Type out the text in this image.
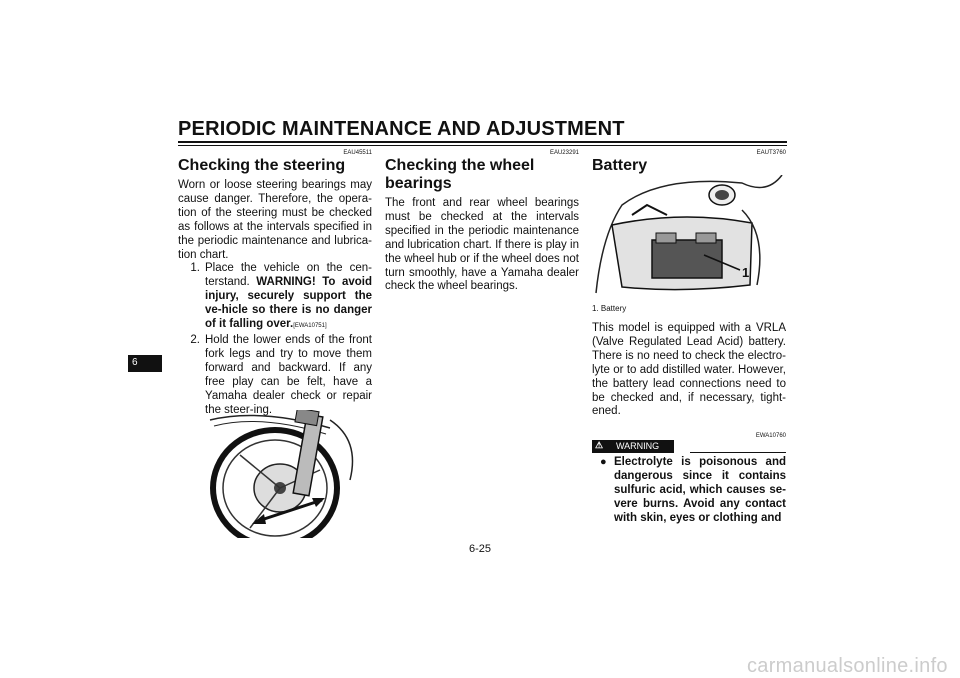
PERIODIC MAINTENANCE AND ADJUSTMENT
6
EAU45511
Checking the steering
Worn or loose steering bearings may cause danger. Therefore, the opera-tion of the steering must be checked as follows at the intervals specified in the periodic maintenance and lubrica-tion chart.
1. Place the vehicle on the cen-terstand. WARNING! To avoid injury, securely support the ve-hicle so there is no danger of it falling over.[EWA10751]
2. Hold the lower ends of the front fork legs and try to move them forward and backward. If any free play can be felt, have a Yamaha dealer check or repair the steer-ing.
EAU23291
Checking the wheel bearings
The front and rear wheel bearings must be checked at the intervals specified in the periodic maintenance and lubrication chart. If there is play in the wheel hub or if the wheel does not turn smoothly, have a Yamaha dealer check the wheel bearings.
EAUT3760
Battery
1
1. Battery
This model is equipped with a VRLA (Valve Regulated Lead Acid) battery. There is no need to check the electro-lyte or to add distilled water. However, the battery lead connections need to be checked and, if necessary, tight-ened.
EWA10760
⚠ WARNING
● Electrolyte is poisonous and dangerous since it contains sulfuric acid, which causes se-vere burns. Avoid any contact with skin, eyes or clothing and
6-25
carmanualsonline.info
